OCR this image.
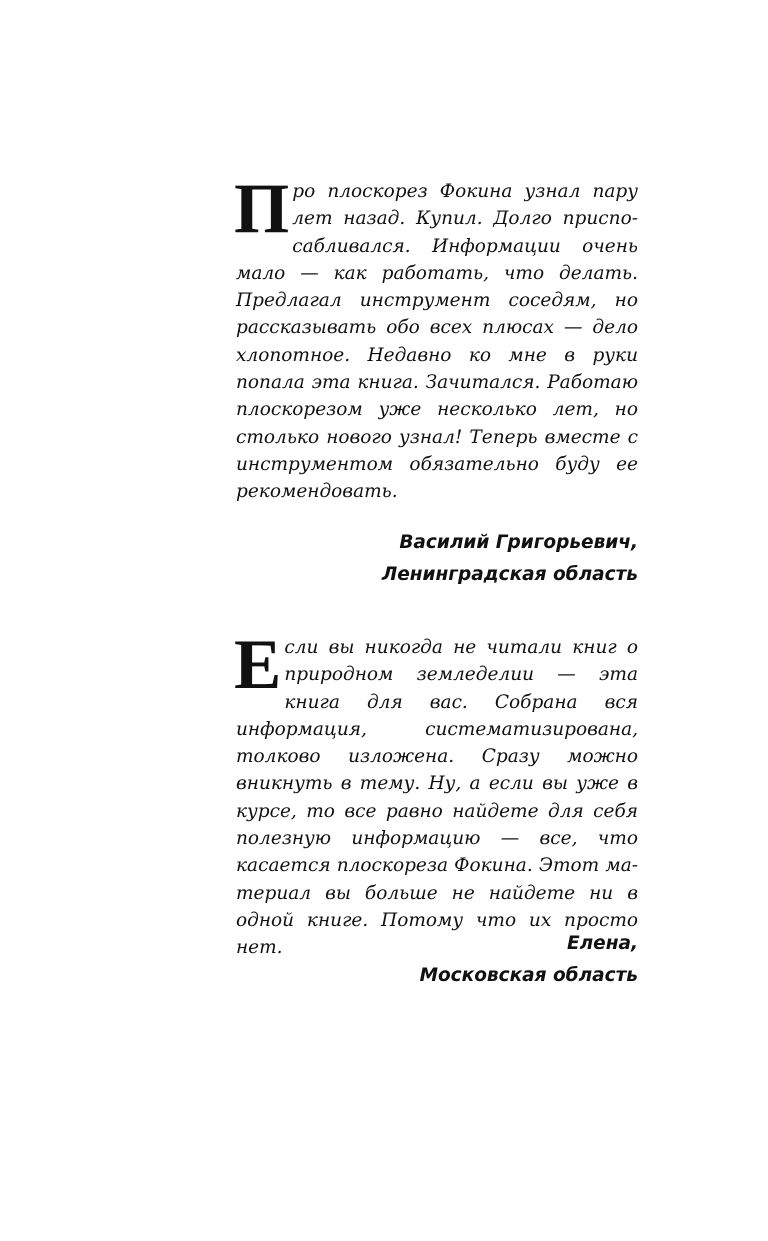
Про плоскорез Фокина узнал пару лет назад. Купил. Долго приспосабливался. Информации очень мало — как работать, что делать. Предлагал инструмент соседям, но рассказывать обо всех плюсах — дело хлопотное. Недавно ко мне в руки попала эта книга. Зачитался. Работаю плоскорезом уже несколько лет, но столько нового узнал! Теперь вместе с инструментом обязательно буду ее рекомендовать.

Василий Григорьевич,
Ленинградская область

Если вы никогда не читали книг о природном земледелии — эта книга для вас. Собрана вся информация, систематизирована, толково изложена. Сразу можно вникнуть в тему. Ну, а если вы уже в курсе, то все равно найдете для себя полезную информацию — все, что касается плоскореза Фокина. Этот материал вы больше не найдете ни в одной книге. Потому что их просто нет.	Елена,
Московская область
